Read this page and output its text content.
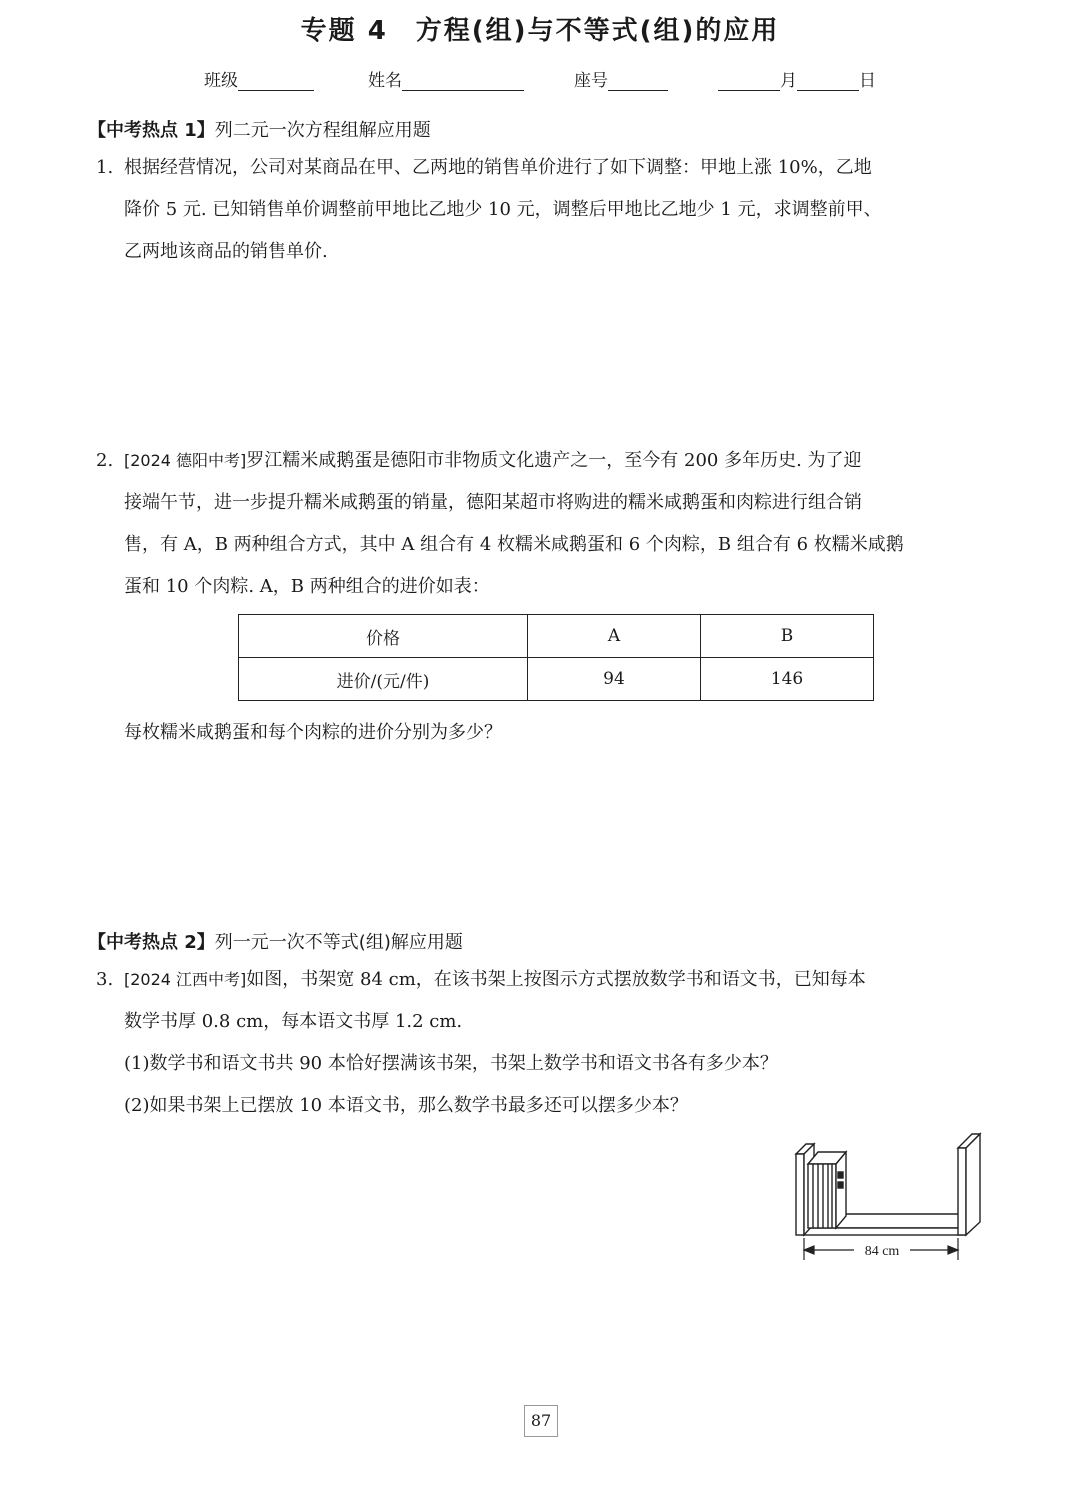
专题 4 方程(组)与不等式(组)的应用
班级	姓名	座号	月	日
【中考热点 1】列二元一次方程组解应用题
1. 根据经营情况，公司对某商品在甲、乙两地的销售单价进行了如下调整：甲地上涨 10%，乙地
降价 5 元. 已知销售单价调整前甲地比乙地少 10 元，调整后甲地比乙地少 1 元，求调整前甲、
乙两地该商品的销售单价.
2. [2024 德阳中考]罗江糯米咸鹅蛋是德阳市非物质文化遗产之一，至今有 200 多年历史. 为了迎
接端午节，进一步提升糯米咸鹅蛋的销量，德阳某超市将购进的糯米咸鹅蛋和肉粽进行组合销
售，有 A，B 两种组合方式，其中 A 组合有 4 枚糯米咸鹅蛋和 6 个肉粽，B 组合有 6 枚糯米咸鹅
蛋和 10 个肉粽. A，B 两种组合的进价如表：
价格	A	B
进价/(元/件)	94	146
每枚糯米咸鹅蛋和每个肉粽的进价分别为多少？
【中考热点 2】列一元一次不等式(组)解应用题
3. [2024 江西中考]如图，书架宽 84 cm，在该书架上按图示方式摆放数学书和语文书，已知每本
数学书厚 0.8 cm，每本语文书厚 1.2 cm.
(1)数学书和语文书共 90 本恰好摆满该书架，书架上数学书和语文书各有多少本？
(2)如果书架上已摆放 10 本语文书，那么数学书最多还可以摆多少本？
84 cm
87
